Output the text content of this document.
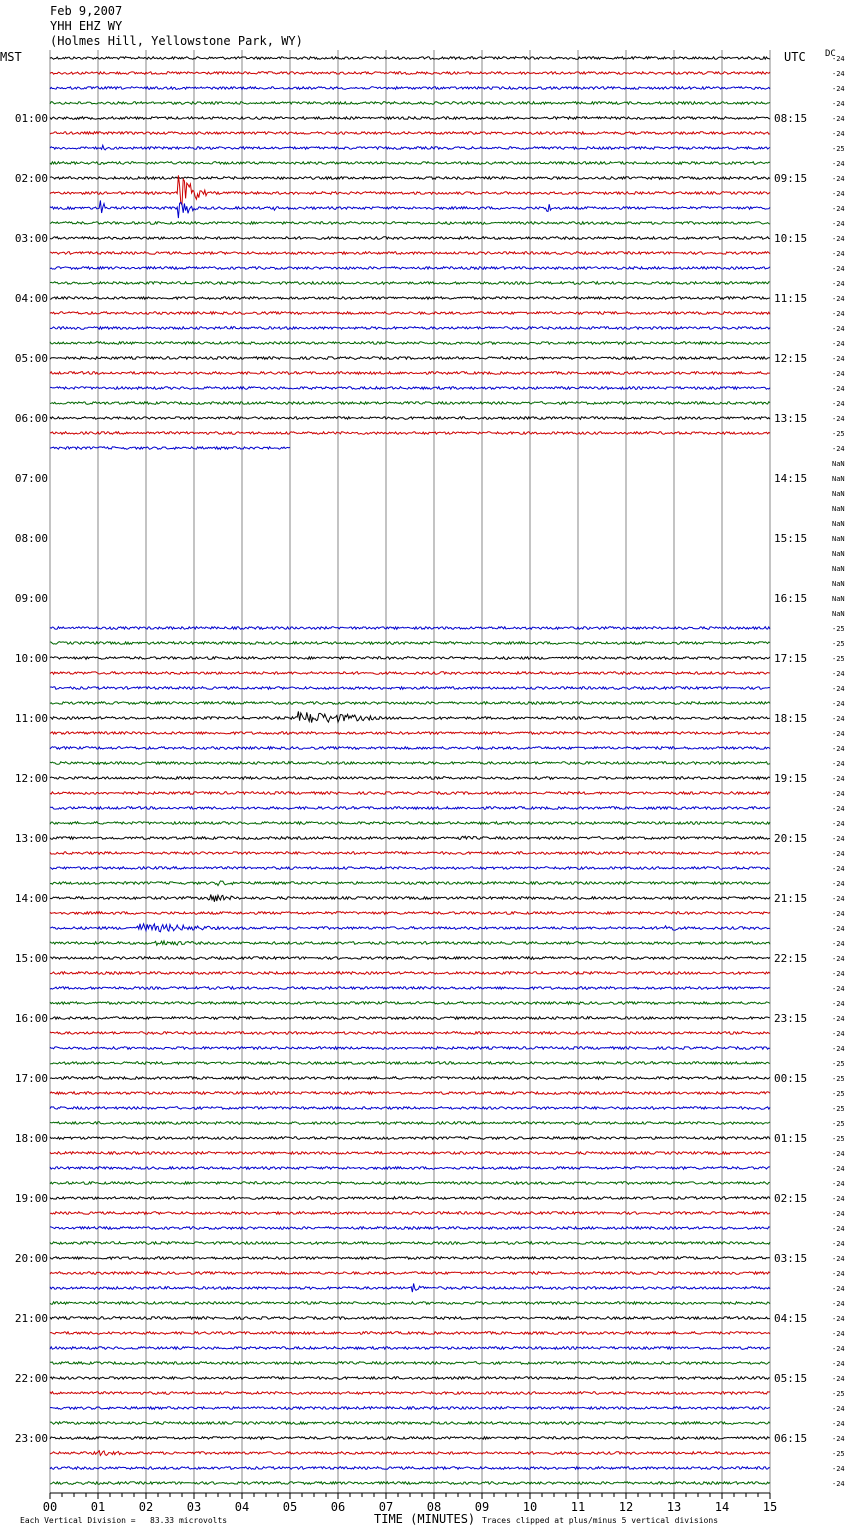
Feb 9,2007
YHH EHZ WY
(Holmes Hill, Yellowstone Park, WY)
MST	UTC DC
TIME (MINUTES)
Each Vertical Division =   83.33 microvolts	Traces clipped at plus/minus 5 vertical divisions
01:00
02:00
03:00
04:00
05:00
06:00
07:00
08:00
09:00
10:00
11:00
12:00
13:00
14:00
15:00
16:00
17:00
18:00
19:00
20:00
21:00
22:00
23:00
08:15
09:15
10:15
11:15
12:15
13:15
14:15
15:15
16:15
17:15
18:15
19:15
20:15
21:15
22:15
23:15
00:15
01:15
02:15
03:15
04:15
05:15
06:15
-24
-24
-24
-24
-24
-24
-25
-24
-24
-24
-24
-24
-24
-24
-24
-24
-24
-24
-24
-24
-24
-24
-24
-24
-24
-25
-24
NaN
NaN
NaN
NaN
NaN
NaN
NaN
NaN
NaN
NaN
NaN
-25
-25
-25
-24
-24
-24
-24
-24
-24
-24
-24
-24
-24
-24
-24
-24
-24
-24
-24
-24
-24
-24
-24
-24
-24
-24
-24
-24
-24
-25
-25
-25
-25
-25
-25
-24
-24
-24
-24
-24
-24
-24
-24
-24
-24
-24
-24
-24
-24
-24
-24
-25
-24
-24
-24
-25
-24
-24
00	01	02	03	04	05	06	07	08	09	10	11	12	13	14	15
